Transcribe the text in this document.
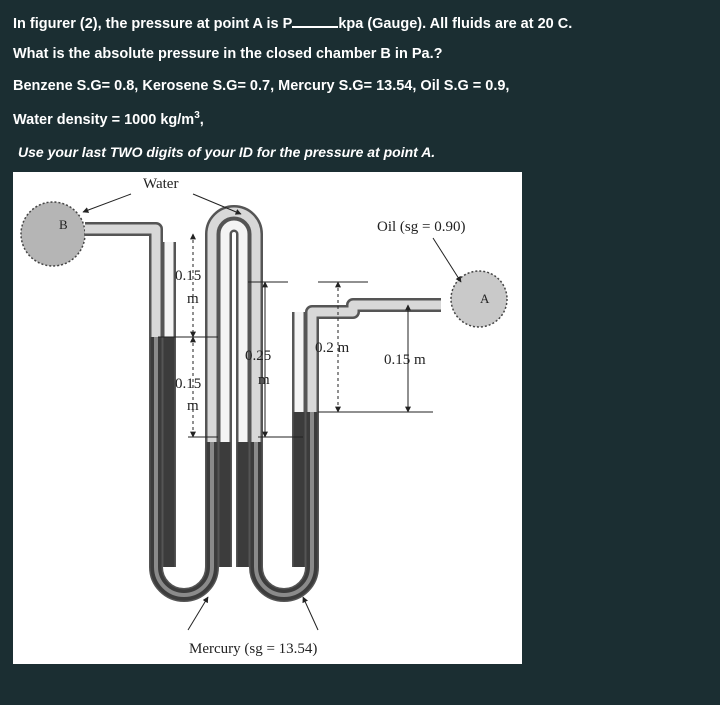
In figurer (2), the pressure at point A is P	kpa (Gauge). All fluids are at 20 C.
What is the absolute pressure in the closed chamber B in Pa.?
Benzene S.G= 0.8, Kerosene S.G= 0.7, Mercury S.G= 13.54, Oil S.G = 0.9,
Water density = 1000 $kg/m^3$,
Use your last TWO digits of your ID for the pressure at point A.
Water
B	Oil (sg = 0.90)
A
0.15
m
0.15
m
0.25
m
0.2 m
0.15 m
Mercury (sg = 13.54)
